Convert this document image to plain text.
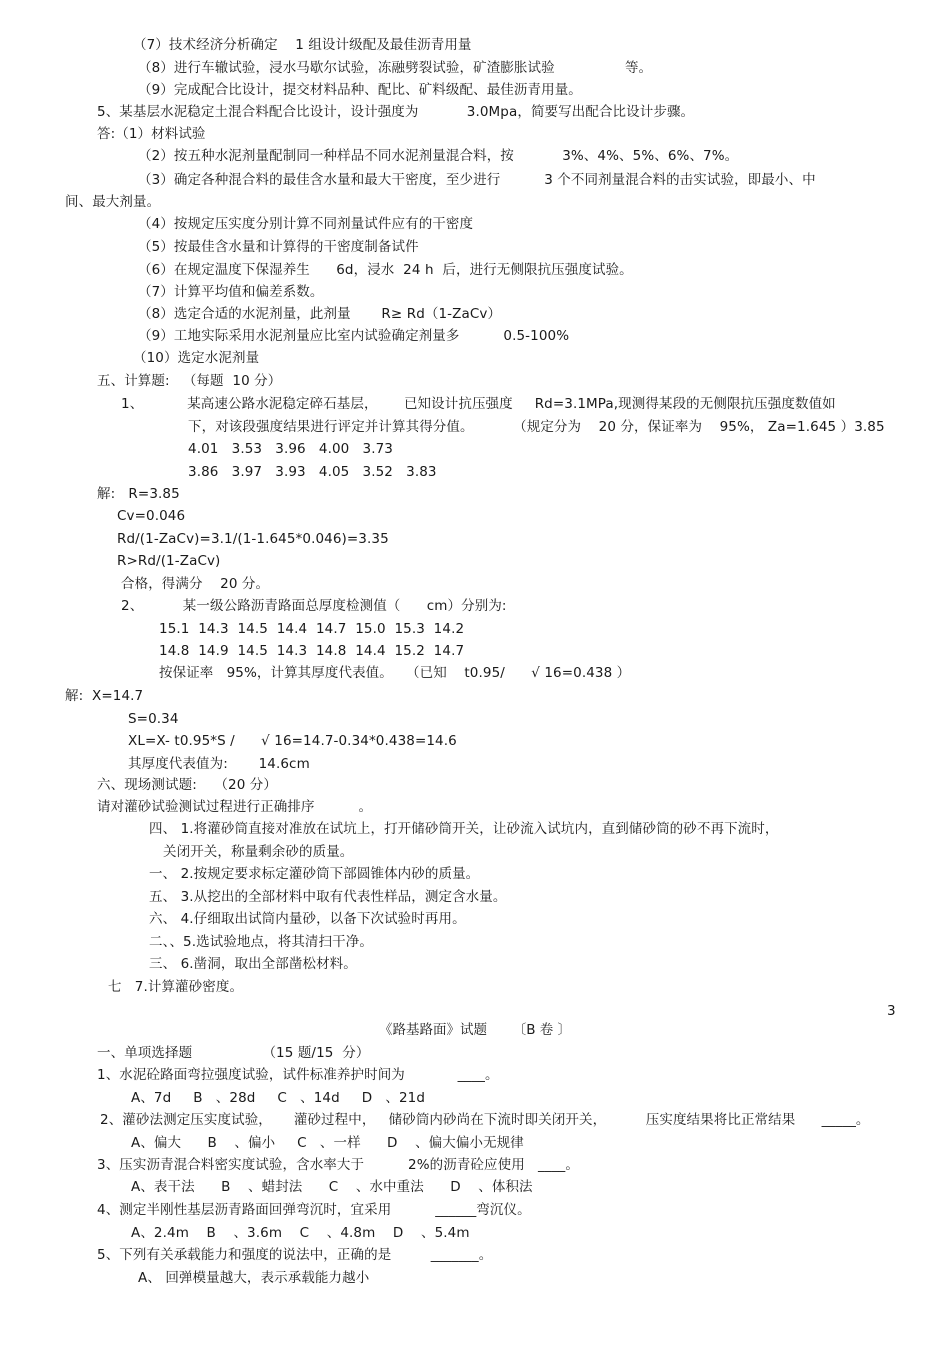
（7）技术经济分析确定    1 组设计级配及最佳沥青用量
（8）进行车辙试验，浸水马歇尔试验，冻融劈裂试验，矿渣膨胀试验                等。
（9）完成配合比设计，提交材料品种、配比、矿料级配、最佳沥青用量。
5、某基层水泥稳定土混合料配合比设计，设计强度为           3.0Mpa，简要写出配合比设计步骤。
答:（1）材料试验
（2）按五种水泥剂量配制同一种样品不同水泥剂量混合料，按           3%、4%、5%、6%、7%。
（3）确定各种混合料的最佳含水量和最大干密度，至少进行          3 个不同剂量混合料的击实试验，即最小、中
间、最大剂量。
（4）按规定压实度分别计算不同剂量试件应有的干密度
（5）按最佳含水量和计算得的干密度制备试件
（6）在规定温度下保湿养生      6d，浸水  24 h  后，进行无侧限抗压强度试验。
（7）计算平均值和偏差系数。
（8）选定合适的水泥剂量，此剂量       R≥ Rd（1-ZaCv）
（9）工地实际采用水泥剂量应比室内试验确定剂量多          0.5-100%
（10）选定水泥剂量
五、计算题:   （每题  10 分）
1、          某高速公路水泥稳定碎石基层，      已知设计抗压强度     Rd=3.1MPa,现测得某段的无侧限抗压强度数值如
下，对该段强度结果进行评定并计算其得分值。         （规定分为    20 分，保证率为    95%， Za=1.645 ）3.85
4.01   3.53   3.96   4.00   3.73
3.86   3.97   3.93   4.05   3.52   3.83
解:   R=3.85
Cv=0.046
Rd/(1-ZaCv)=3.1/(1-1.645*0.046)=3.35
R>Rd/(1-ZaCv)
合格，得满分    20 分。
2、         某一级公路沥青路面总厚度检测值（      cm）分别为:
15.1  14.3  14.5  14.4  14.7  15.0  15.3  14.2
14.8  14.9  14.5  14.3  14.8  14.4  15.2  14.7
按保证率   95%，计算其厚度代表值。   （已知    t0.95/      √ 16=0.438 ）
解:  X=14.7
S=0.34
XL=X- t0.95*S /      √ 16=14.7-0.34*0.438=14.6
其厚度代表值为:       14.6cm
六、现场测试题:    （20 分）
请对灌砂试验测试过程进行正确排序          。
四、 1.将灌砂筒直接对准放在试坑上，打开储砂筒开关，让砂流入试坑内，直到储砂筒的砂不再下流时，
关闭开关，称量剩余砂的质量。
一、 2.按规定要求标定灌砂筒下部圆锥体内砂的质量。
五、 3.从挖出的全部材料中取有代表性样品，测定含水量。
六、 4.仔细取出试筒内量砂，以备下次试验时再用。
二、、5.选试验地点，将其清扫干净。
三、 6.凿洞，取出全部凿松材料。
七   7.计算灌砂密度。
3
《路基路面》试题      〔B 卷 〕
一、单项选择题                （15 题/15  分）
1、水泥砼路面弯拉强度试验，试件标准养护时间为            ____。
A、7d     B   、28d     C   、14d     D   、21d
2、灌砂法测定压实度试验，     灌砂过程中，   储砂筒内砂尚在下流时即关闭开关，         压实度结果将比正常结果      _____。
A、偏大      B    、偏小     C   、一样      D    、偏大偏小无规律
3、压实沥青混合料密实度试验，含水率大于          2%的沥青砼应使用   ____。
A、表干法      B    、蜡封法      C    、水中重法      D    、体积法
4、测定半刚性基层沥青路面回弹弯沉时，宜采用          ______弯沉仪。
A、2.4m    B    、3.6m    C    、4.8m    D    、5.4m
5、下列有关承载能力和强度的说法中，正确的是         _______。
A、 回弹模量越大，表示承载能力越小
